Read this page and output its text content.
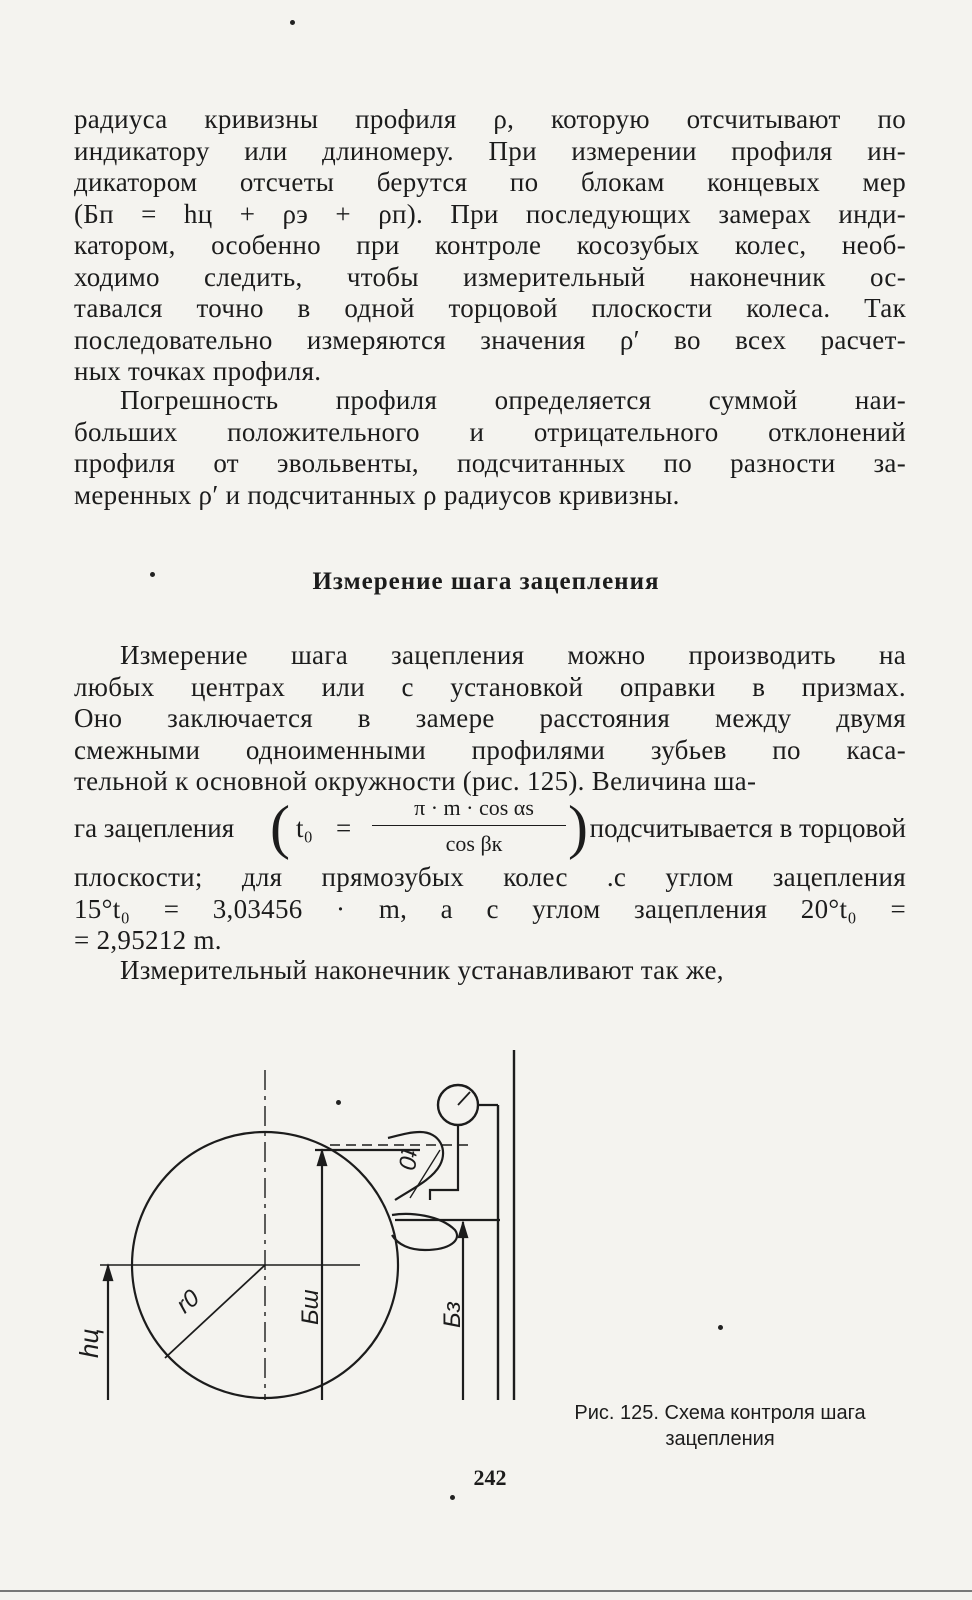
радиуса кривизны профиля ρ, которую отсчитывают по
индикатору или длиномеру. При измерении профиля ин-
дикатором отсчеты берутся по блокам концевых мер
(Бп = hц + ρэ + ρп). При последующих замерах инди-
катором, особенно при контроле косозубых колес, необ-
ходимо следить, чтобы измерительный наконечник ос-
тавался точно в одной торцовой плоскости колеса. Так
последовательно измеряются значения ρ′ во всех расчет-
ных точках профиля.
Погрешность профиля определяется суммой наи-
больших положительного и отрицательного отклонений
профиля от эвольвенты, подсчитанных по разности за-
меренных ρ′ и подсчитанных ρ радиусов кривизны.
Измерение шага зацепления
Измерение шага зацепления можно производить на
любых центрах или с установкой оправки в призмах.
Оно заключается в замере расстояния между двумя
смежными одноименными профилями зубьев по каса-
тельной к основной окружности (рис. 125). Величина ша-
га зацепления ( t₀ =
π · m · cos αs
cos βк	) подсчитывается в торцовой
плоскости; для прямозубых колес .с углом зацепления
15°t₀ = 3,03456 · m, а с углом зацепления 20°t₀ =
= 2,95212 m.
Измерительный наконечник устанавливают так же,
r0
hц
Бш	Бз
t0
Рис. 125. Схема контроля шага
зацепления
242
